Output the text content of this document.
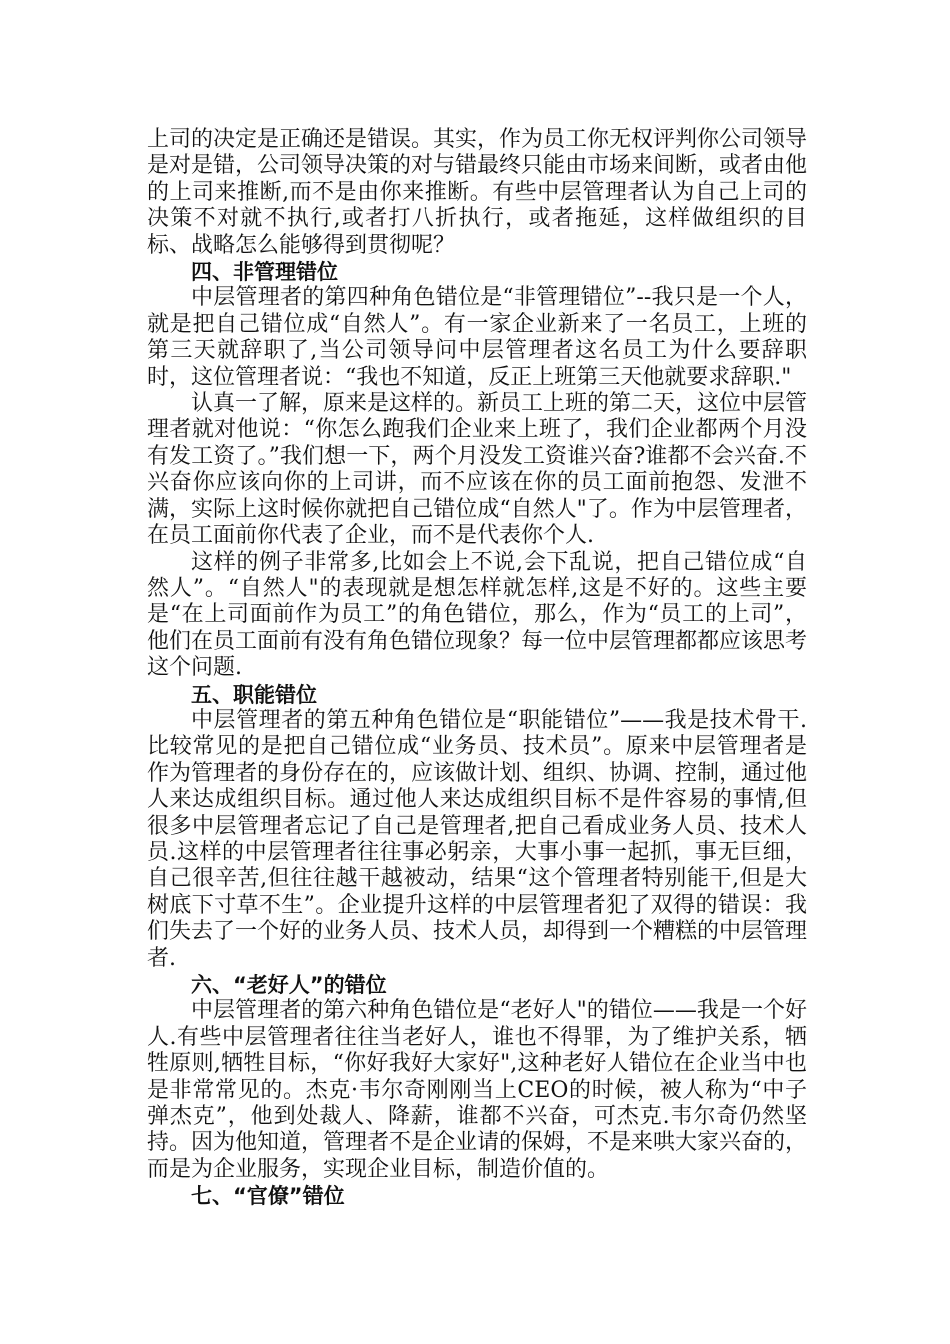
上司的决定是正确还是错误。其实，作为员工你无权评判你公司领导是对是错，公司领导决策的对与错最终只能由市场来间断，或者由他的上司来推断,而不是由你来推断。有些中层管理者认为自己上司的决策不对就不执行,或者打八折执行，或者拖延，这样做组织的目标、战略怎么能够得到贯彻呢？

四、非管理错位

中层管理者的第四种角色错位是“非管理错位”--我只是一个人，就是把自己错位成“自然人”。有一家企业新来了一名员工，上班的第三天就辞职了,当公司领导问中层管理者这名员工为什么要辞职时，这位管理者说：“我也不知道，反正上班第三天他就要求辞职."

认真一了解，原来是这样的。新员工上班的第二天，这位中层管理者就对他说：“你怎么跑我们企业来上班了，我们企业都两个月没有发工资了。”我们想一下，两个月没发工资谁兴奋?谁都不会兴奋.不兴奋你应该向你的上司讲，而不应该在你的员工面前抱怨、发泄不满，实际上这时候你就把自己错位成“自然人"了。作为中层管理者，在员工面前你代表了企业，而不是代表你个人.

这样的例子非常多,比如会上不说,会下乱说，把自己错位成“自然人”。“自然人"的表现就是想怎样就怎样,这是不好的。这些主要是“在上司面前作为员工”的角色错位，那么，作为“员工的上司”，他们在员工面前有没有角色错位现象？每一位中层管理都都应该思考这个问题.

五、职能错位

中层管理者的第五种角色错位是“职能错位”——我是技术骨干.比较常见的是把自己错位成“业务员、技术员”。原来中层管理者是作为管理者的身份存在的，应该做计划、组织、协调、控制，通过他人来达成组织目标。通过他人来达成组织目标不是件容易的事情,但很多中层管理者忘记了自己是管理者,把自己看成业务人员、技术人员.这样的中层管理者往往事必躬亲，大事小事一起抓，事无巨细，自己很辛苦,但往往越干越被动，结果“这个管理者特别能干,但是大树底下寸草不生”。企业提升这样的中层管理者犯了双得的错误：我们失去了一个好的业务人员、技术人员，却得到一个糟糕的中层管理者.

六、“老好人”的错位

中层管理者的第六种角色错位是“老好人"的错位——我是一个好人.有些中层管理者往往当老好人，谁也不得罪，为了维护关系，牺牲原则,牺牲目标，“你好我好大家好",这种老好人错位在企业当中也是非常常见的。杰克·韦尔奇刚刚当上CEO的时候，被人称为“中子弹杰克”，他到处裁人、降薪，谁都不兴奋，可杰克.韦尔奇仍然坚持。因为他知道，管理者不是企业请的保姆，不是来哄大家兴奋的，而是为企业服务，实现企业目标，制造价值的。

七、“官僚”错位
